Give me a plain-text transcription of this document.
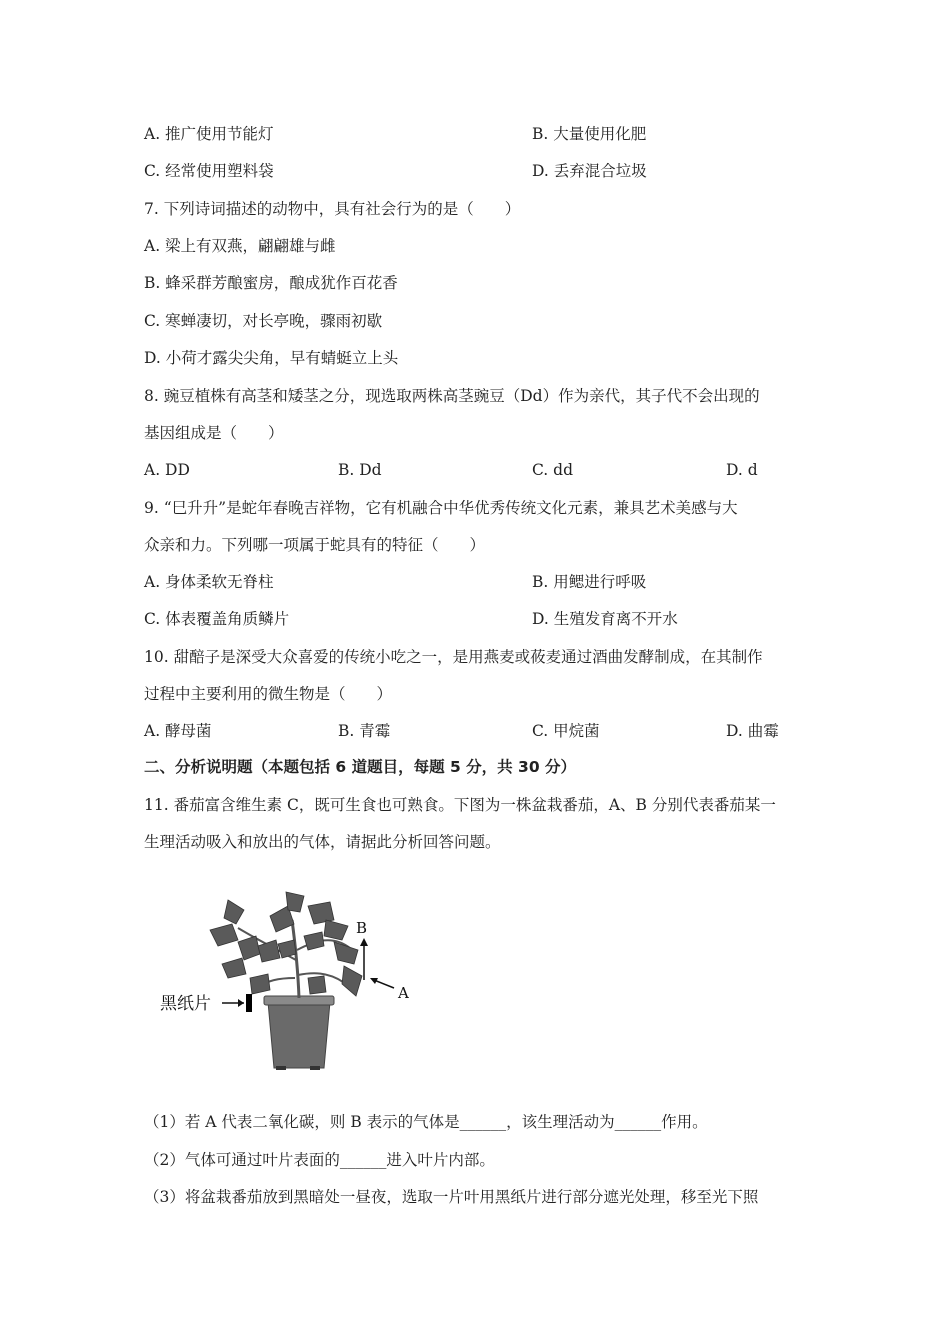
A. 推广使用节能灯	B. 大量使用化肥
C. 经常使用塑料袋	D. 丢弃混合垃圾
7. 下列诗词描述的动物中，具有社会行为的是（　　）
A. 梁上有双燕，翩翩雄与雌
B. 蜂采群芳酿蜜房，酿成犹作百花香
C. 寒蝉凄切，对长亭晚，骤雨初歇
D. 小荷才露尖尖角，早有蜻蜓立上头
8. 豌豆植株有高茎和矮茎之分，现选取两株高茎豌豆（Dd）作为亲代，其子代不会出现的
基因组成是（　　）
A. DD	B. Dd	C. dd	D. d
9. “巳升升”是蛇年春晚吉祥物，它有机融合中华优秀传统文化元素，兼具艺术美感与大
众亲和力。下列哪一项属于蛇具有的特征（　　）
A. 身体柔软无脊柱	B. 用鳃进行呼吸
C. 体表覆盖角质鳞片	D. 生殖发育离不开水
10. 甜醅子是深受大众喜爱的传统小吃之一，是用燕麦或莜麦通过酒曲发酵制成，在其制作
过程中主要利用的微生物是（　　）
A. 酵母菌	B. 青霉	C. 甲烷菌	D. 曲霉
二、分析说明题（本题包括 6 道题目，每题 5 分，共 30 分）
11. 番茄富含维生素 C，既可生食也可熟食。下图为一株盆栽番茄，A、B 分别代表番茄某一
生理活动吸入和放出的气体，请据此分析回答问题。
黑纸片
B
A
（1）若 A 代表二氧化碳，则 B 表示的气体是______，该生理活动为______作用。
（2）气体可通过叶片表面的______进入叶片内部。
（3）将盆栽番茄放到黑暗处一昼夜，选取一片叶用黑纸片进行部分遮光处理，移至光下照
